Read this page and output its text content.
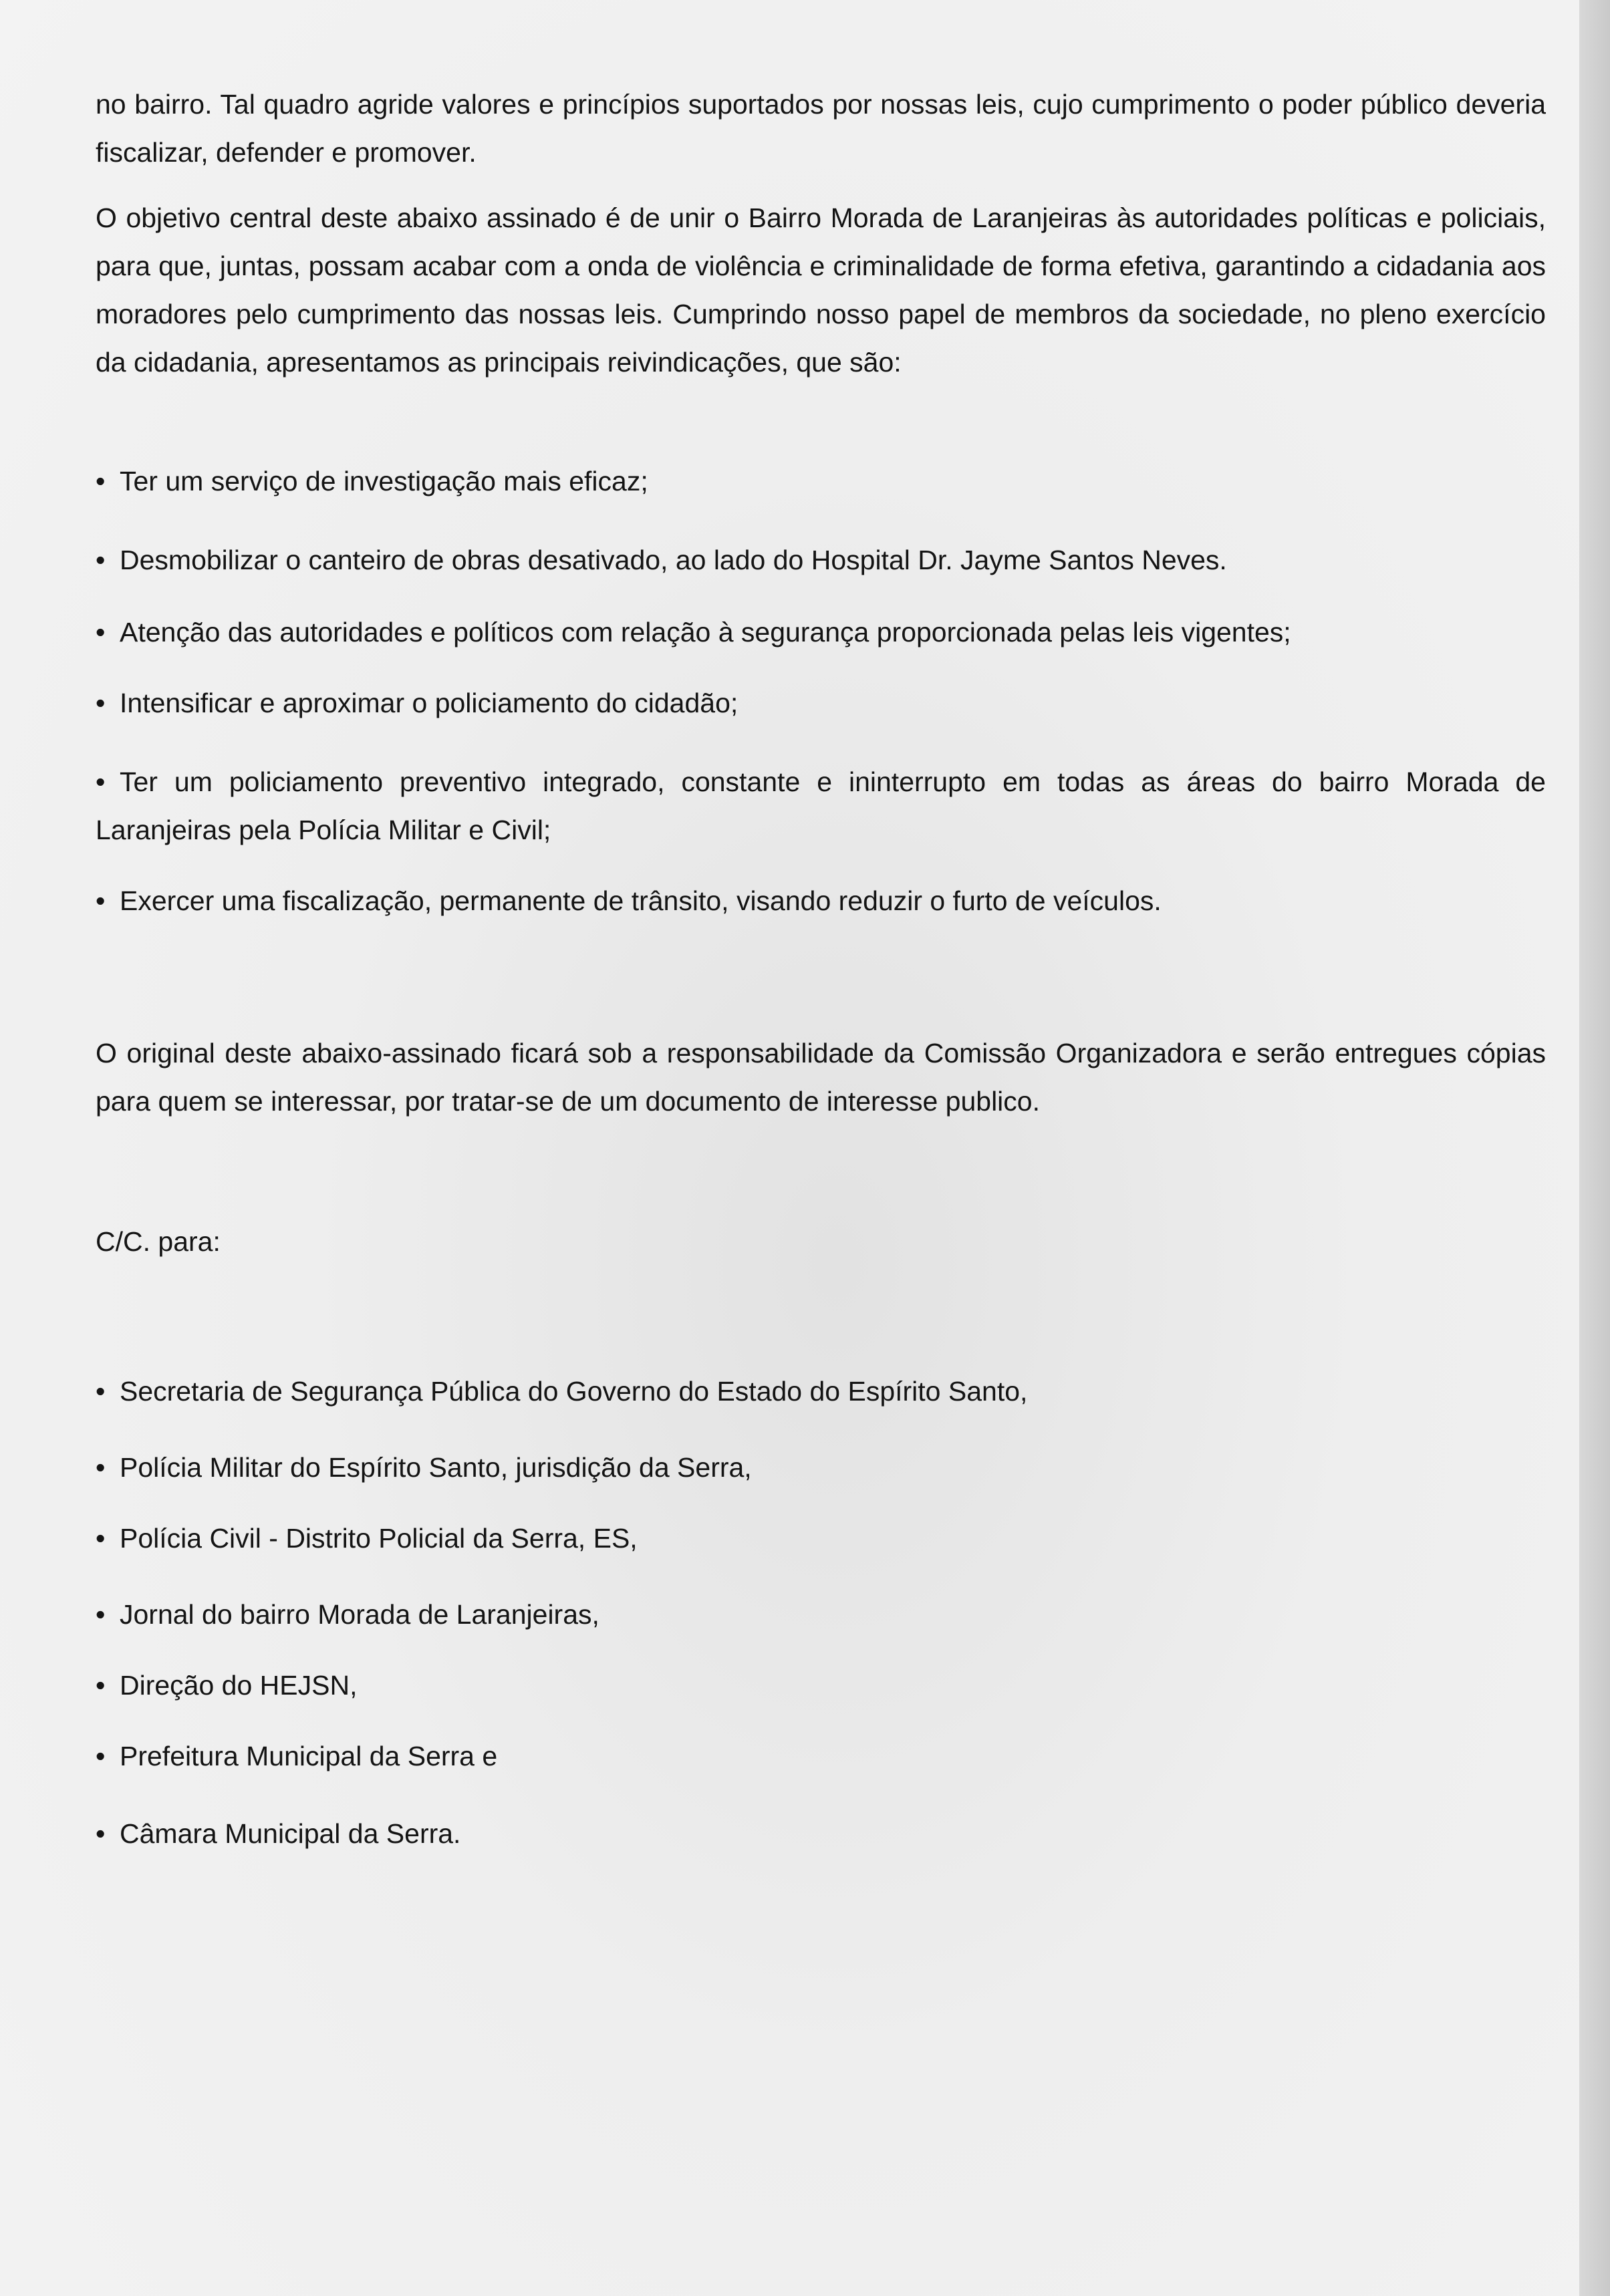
no bairro. Tal quadro agride valores e princípios suportados por nossas leis, cujo cumprimento o poder público deveria fiscalizar, defender e promover.

O objetivo central deste abaixo assinado é de unir o Bairro Morada de Laranjeiras às autoridades políticas e policiais, para que, juntas, possam acabar com a onda de violência e criminalidade de forma efetiva, garantindo a cidadania aos moradores pelo cumprimento das nossas leis. Cumprindo nosso papel de membros da sociedade, no pleno exercício da cidadania, apresentamos as principais reivindicações, que são:

• Ter um serviço de investigação mais eficaz;

• Desmobilizar o canteiro de obras desativado, ao lado do Hospital Dr. Jayme Santos Neves.

• Atenção das autoridades e políticos com relação à segurança proporcionada pelas leis vigentes;

• Intensificar e aproximar o policiamento do cidadão;

• Ter um policiamento preventivo integrado, constante e ininterrupto em todas as áreas do bairro Morada de Laranjeiras pela Polícia Militar e Civil;

• Exercer uma fiscalização, permanente de trânsito, visando reduzir o furto de veículos.

O original deste abaixo-assinado ficará sob a responsabilidade da Comissão Organizadora e serão entregues cópias para quem se interessar, por tratar-se de um documento de interesse publico.

C/C. para:

• Secretaria de Segurança Pública do Governo do Estado do Espírito Santo,

• Polícia Militar do Espírito Santo, jurisdição da Serra,

• Polícia Civil - Distrito Policial da Serra, ES,

• Jornal do bairro Morada de Laranjeiras,

• Direção do HEJSN,

• Prefeitura Municipal da Serra e

• Câmara Municipal da Serra.
